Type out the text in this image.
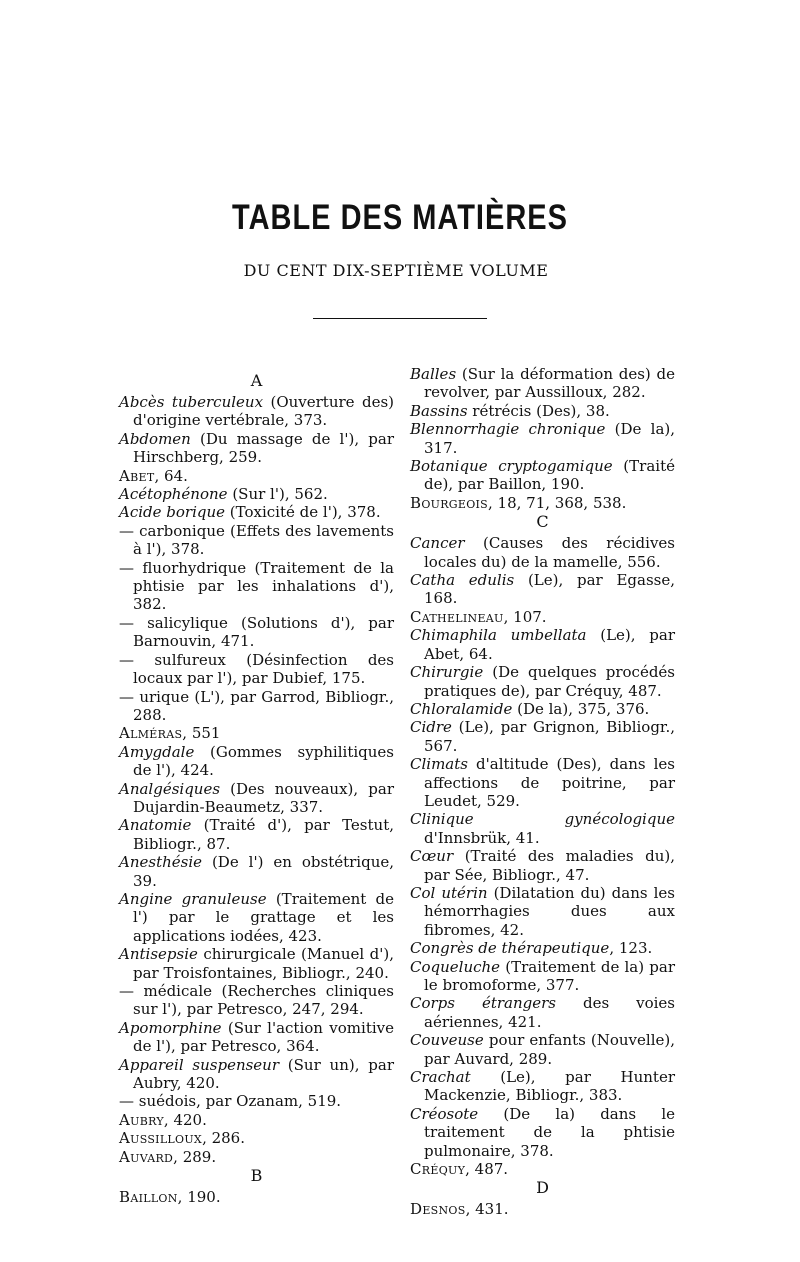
TABLE DES MATIÈRES
DU CENT DIX-SEPTIÈME VOLUME
A
Abcès tuberculeux (Ouverture des) d'origine vertébrale, 373.
Abdomen (Du massage de l'), par Hirschberg, 259.
Abet, 64.
Acétophénone (Sur l'), 562.
Acide borique (Toxicité de l'), 378.
— carbonique (Effets des lavements à l'), 378.
— fluorhydrique (Traitement de la phtisie par les inhalations d'), 382.
— salicylique (Solutions d'), par Barnouvin, 471.
— sulfureux (Désinfection des locaux par l'), par Dubief, 175.
— urique (L'), par Garrod, Bibliogr., 288.
Alméras, 551
Amygdale (Gommes syphilitiques de l'), 424.
Analgésiques (Des nouveaux), par Dujardin-Beaumetz, 337.
Anatomie (Traité d'), par Testut, Bibliogr., 87.
Anesthésie (De l') en obstétrique, 39.
Angine granuleuse (Traitement de l') par le grattage et les applications iodées, 423.
Antisepsie chirurgicale (Manuel d'), par Troisfontaines, Bibliogr., 240.
— médicale (Recherches cliniques sur l'), par Petresco, 247, 294.
Apomorphine (Sur l'action vomitive de l'), par Petresco, 364.
Appareil suspenseur (Sur un), par Aubry, 420.
— suédois, par Ozanam, 519.
Aubry, 420.
Aussilloux, 286.
Auvard, 289.
B
Baillon, 190.
Balles (Sur la déformation des) de revolver, par Aussilloux, 282.
Bassins rétrécis (Des), 38.
Blennorrhagie chronique (De la), 317.
Botanique cryptogamique (Traité de), par Baillon, 190.
Bourgeois, 18, 71, 368, 538.
C
Cancer (Causes des récidives locales du) de la mamelle, 556.
Catha edulis (Le), par Egasse, 168.
Cathelineau, 107.
Chimaphila umbellata (Le), par Abet, 64.
Chirurgie (De quelques procédés pratiques de), par Créquy, 487.
Chloralamide (De la), 375, 376.
Cidre (Le), par Grignon, Bibliogr., 567.
Climats d'altitude (Des), dans les affections de poitrine, par Leudet, 529.
Clinique gynécologique d'Innsbrük, 41.
Cœur (Traité des maladies du), par Sée, Bibliogr., 47.
Col utérin (Dilatation du) dans les hémorrhagies dues aux fibromes, 42.
Congrès de thérapeutique, 123.
Coqueluche (Traitement de la) par le bromoforme, 377.
Corps étrangers des voies aériennes, 421.
Couveuse pour enfants (Nouvelle), par Auvard, 289.
Crachat (Le), par Hunter Mackenzie, Bibliogr., 383.
Créosote (De la) dans le traitement de la phtisie pulmonaire, 378.
Créquy, 487.
D
Desnos, 431.
